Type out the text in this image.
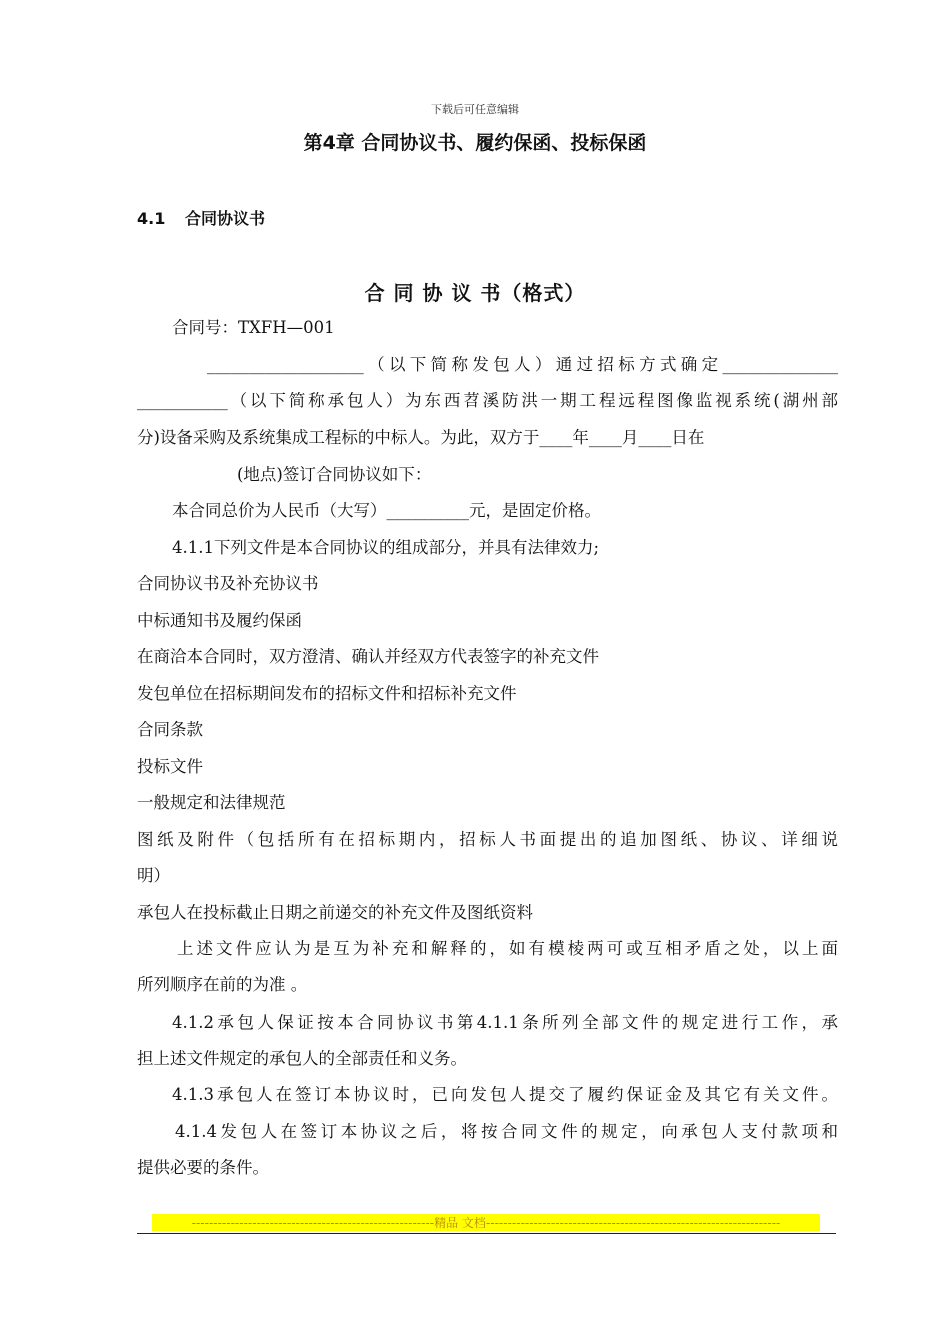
下载后可任意编辑
第4章 合同协议书、履约保函、投标保函
4.1 合同协议书
合 同 协 议 书（格式）
合同号：TXFH—001
___________________（以下简称发包人）通过招标方式确定______________
___________（以下简称承包人）为东西苕溪防洪一期工程远程图像监视系统(湖州部
分)设备采购及系统集成工程标的中标人。为此，双方于____年____月____日在
(地点)签订合同协议如下：
本合同总价为人民币（大写）__________元，是固定价格。
4.1.1下列文件是本合同协议的组成部分，并具有法律效力;
合同协议书及补充协议书
中标通知书及履约保函
在商洽本合同时，双方澄清、确认并经双方代表签字的补充文件
发包单位在招标期间发布的招标文件和招标补充文件
合同条款
投标文件
一般规定和法律规范
图纸及附件（包括所有在招标期内，招标人书面提出的追加图纸、协议、详细说
明）
承包人在投标截止日期之前递交的补充文件及图纸资料
上述文件应认为是互为补充和解释的，如有模棱两可或互相矛盾之处，以上面
所列顺序在前的为准 。
4.1.2承包人保证按本合同协议书第4.1.1条所列全部文件的规定进行工作，承
担上述文件规定的承包人的全部责任和义务。
4.1.3承包人在签订本协议时，已向发包人提交了履约保证金及其它有关文件。
4.1.4发包人在签订本协议之后，将按合同文件的规定，向承包人支付款项和
提供必要的条件。
--------------------------------------------------------精品 文档--------------------------------------------------------------------
